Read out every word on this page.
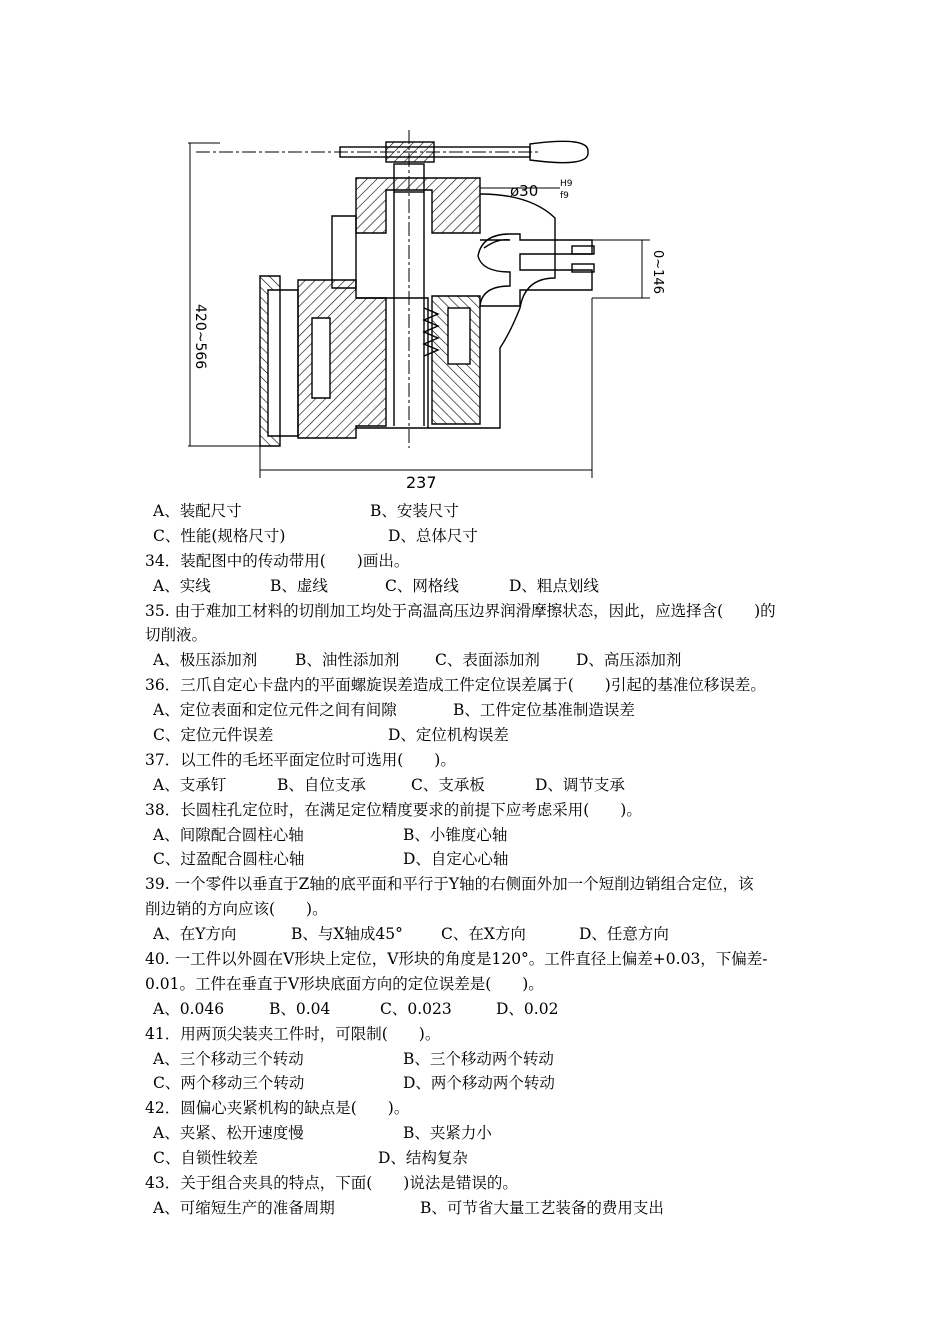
ø30 H9
f9
420~566
237
0~146
A、装配尺寸	B、安装尺寸
C、性能(规格尺寸)	D、总体尺寸
34．装配图中的传动带用(　　)画出。
A、实线	B、虚线	C、网格线	D、粗点划线
35. 由于难加工材料的切削加工均处于高温高压边界润滑摩擦状态，因此，应选择含(　　)的
切削液。
A、极压添加剂 B、油性添加剂 C、表面添加剂 D、高压添加剂
36．三爪自定心卡盘内的平面螺旋误差造成工件定位误差属于(　　)引起的基准位移误差。
A、定位表面和定位元件之间有间隙	B、工件定位基准制造误差
C、定位元件误差	D、定位机构误差
37．以工件的毛坯平面定位时可选用(　　)。
A、支承钉	B、自位支承	C、支承板	D、调节支承
38．长圆柱孔定位时，在满足定位精度要求的前提下应考虑采用(　　)。
A、间隙配合圆柱心轴	B、小锥度心轴
C、过盈配合圆柱心轴	D、自定心心轴
39. 一个零件以垂直于Z轴的底平面和平行于Y轴的右侧面外加一个短削边销组合定位，该
削边销的方向应该(　　)。
A、在Y方向	B、与X轴成45° C、在X方向	D、任意方向
40. 一工件以外圆在V形块上定位，V形块的角度是120°。工件直径上偏差+0.03，下偏差-
0.01。工件在垂直于V形块底面方向的定位误差是(　　)。
A、0.046	B、0.04	C、0.023	D、0.02
41．用两顶尖装夹工件时，可限制(　　)。
A、三个移动三个转动	B、三个移动两个转动
C、两个移动三个转动	D、两个移动两个转动
42．圆偏心夹紧机构的缺点是(　　)。
A、夹紧、松开速度慢	B、夹紧力小
C、自锁性较差	D、结构复杂
43．关于组合夹具的特点，下面(　　)说法是错误的。
A、可缩短生产的准备周期	B、可节省大量工艺装备的费用支出
